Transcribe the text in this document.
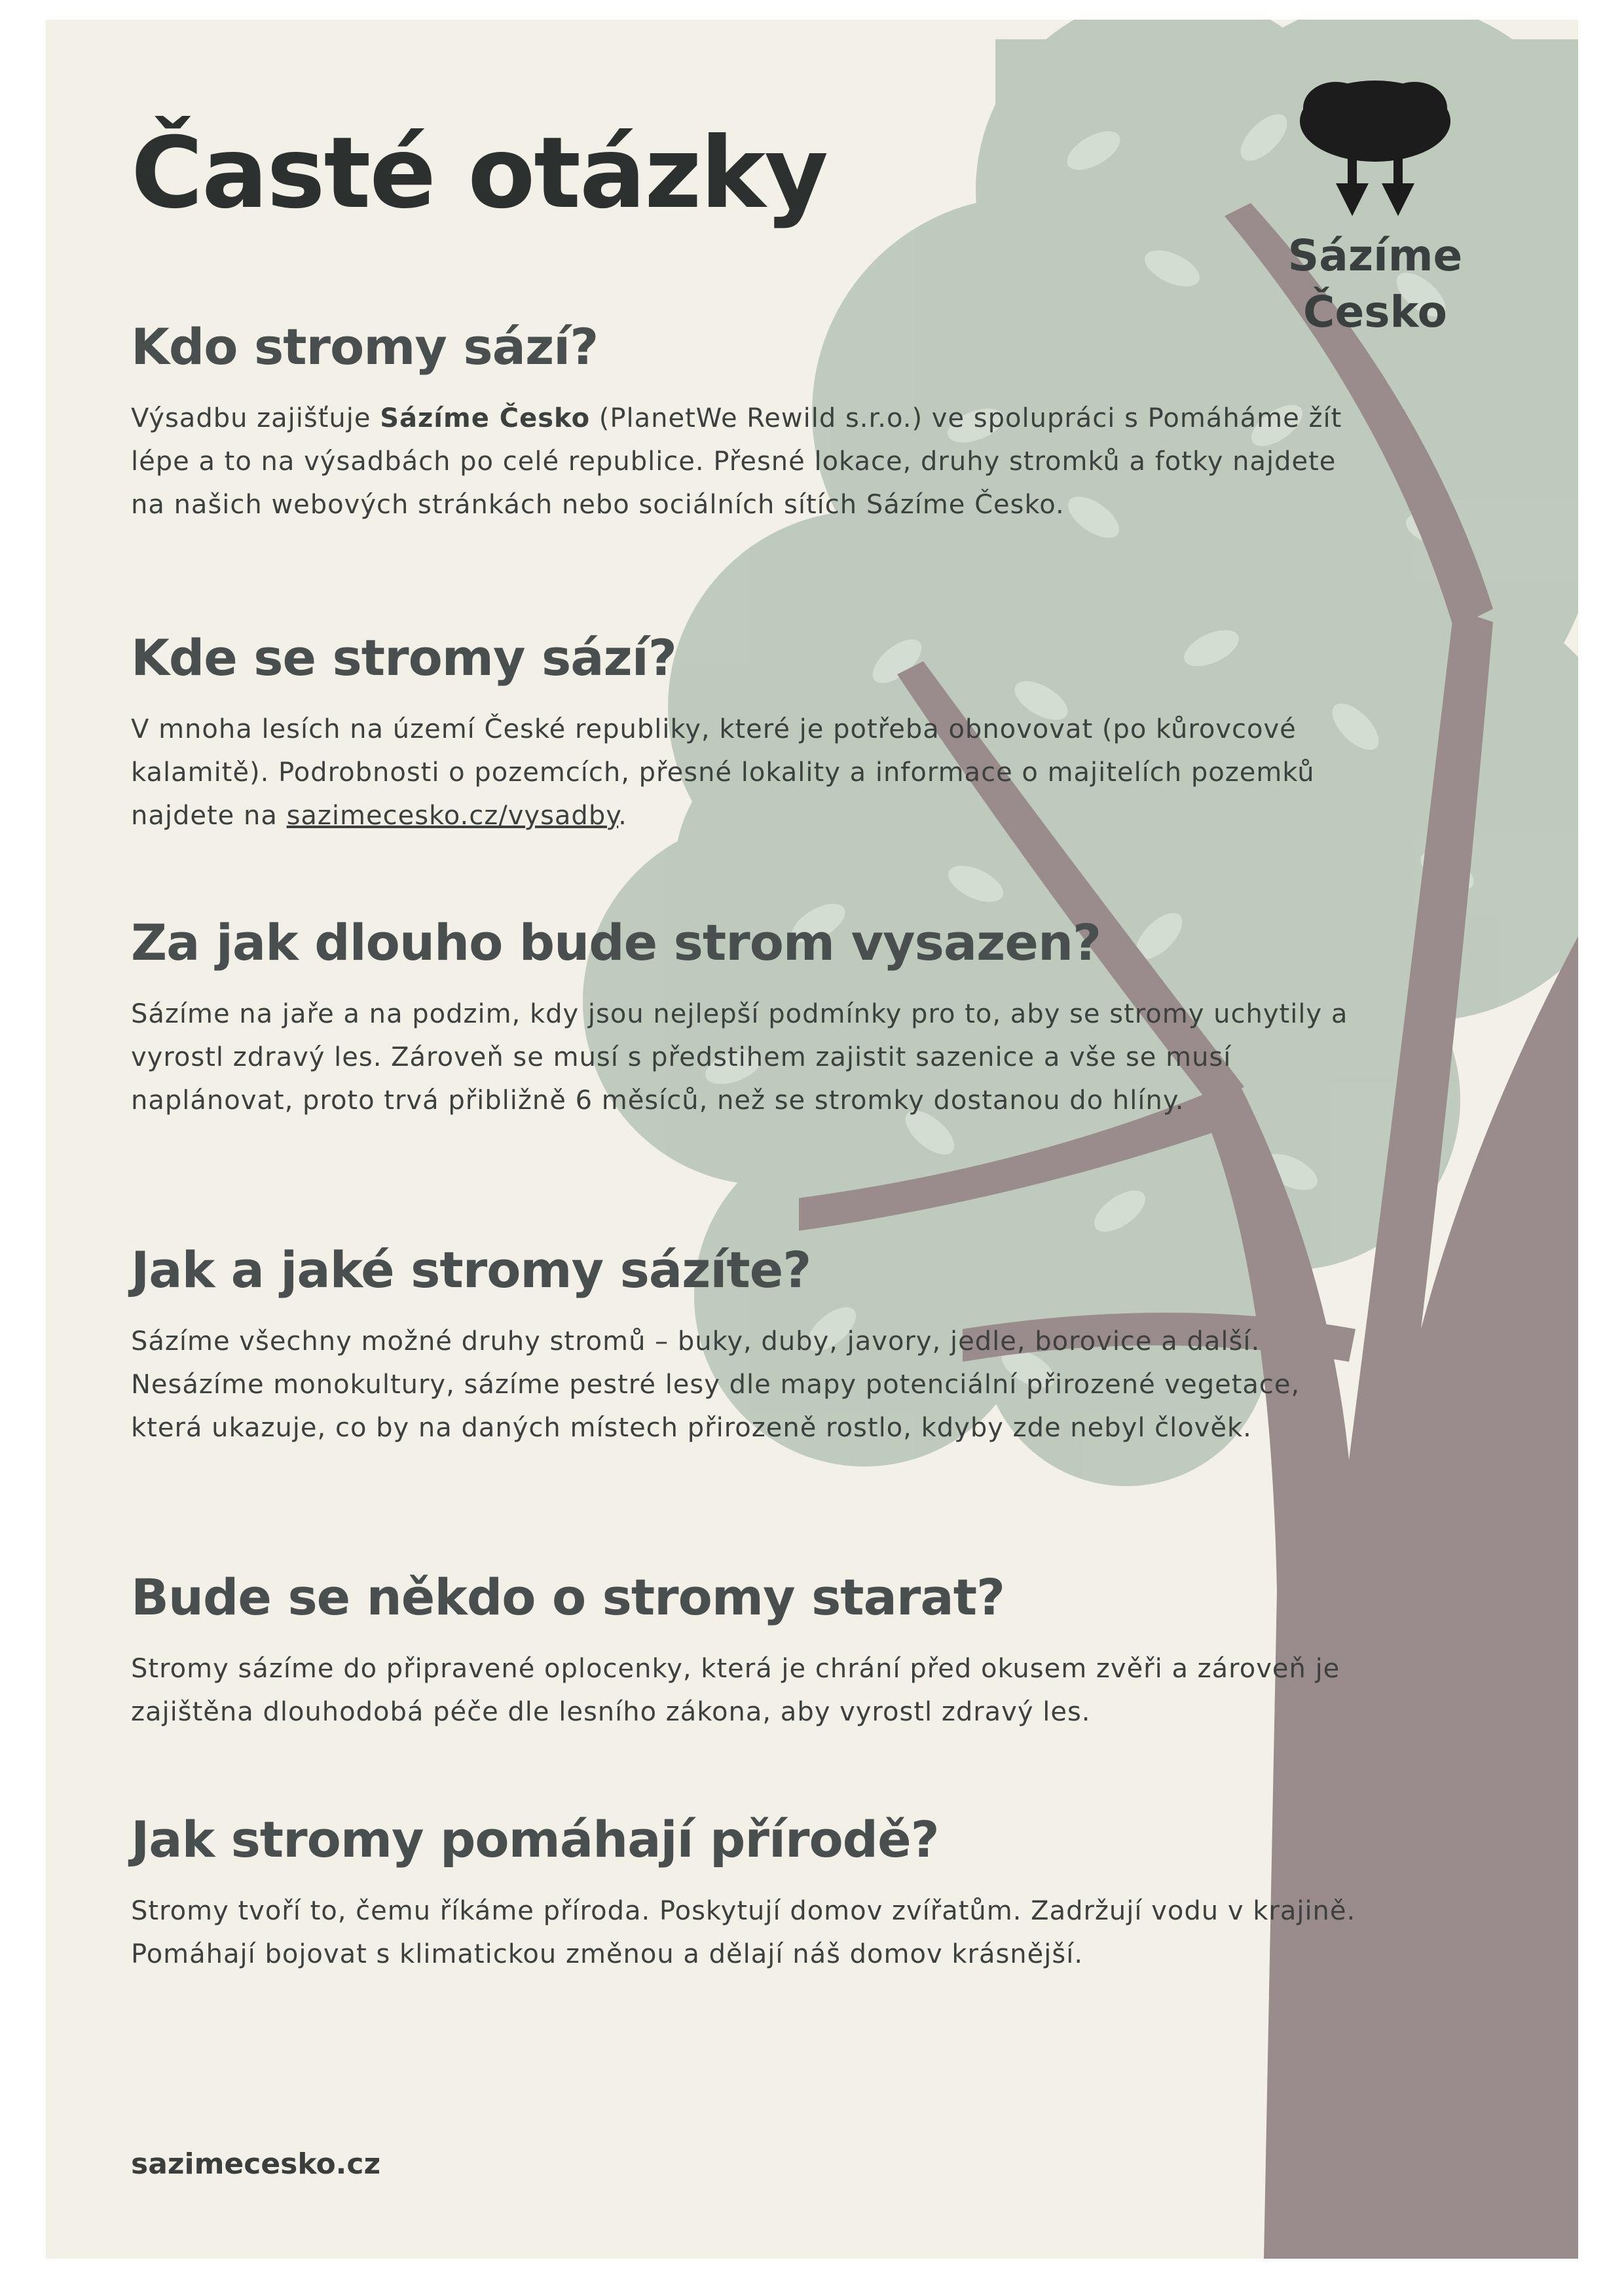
Sázíme
Česko
Časté otázky
Kdo stromy sází?

Výsadbu zajišťuje Sázíme Česko (PlanetWe Rewild s.r.o.) ve spolupráci s Pomáháme žít lépe a to na výsadbách po celé republice. Přesné lokace, druhy stromků a fotky najdete na našich webových stránkách nebo sociálních sítích Sázíme Česko.

Kde se stromy sází?

V mnoha lesích na území České republiky, které je potřeba obnovovat (po kůrovcové kalamitě). Podrobnosti o pozemcích, přesné lokality a informace o majitelích pozemků najdete na sazimecesko.cz/vysadby.

Za jak dlouho bude strom vysazen?

Sázíme na jaře a na podzim, kdy jsou nejlepší podmínky pro to, aby se stromy uchytily a vyrostl zdravý les. Zároveň se musí s předstihem zajistit sazenice a vše se musí naplánovat, proto trvá přibližně 6 měsíců, než se stromky dostanou do hlíny.

Jak a jaké stromy sázíte?

Sázíme všechny možné druhy stromů – buky, duby, javory, jedle, borovice a další. Nesázíme monokultury, sázíme pestré lesy dle mapy potenciální přirozené vegetace, která ukazuje, co by na daných místech přirozeně rostlo, kdyby zde nebyl člověk.

Bude se někdo o stromy starat?

Stromy sázíme do připravené oplocenky, která je chrání před okusem zvěři a zároveň je zajištěna dlouhodobá péče dle lesního zákona, aby vyrostl zdravý les.

Jak stromy pomáhají přírodě?

Stromy tvoří to, čemu říkáme příroda. Poskytují domov zvířatům. Zadržují vodu v krajině. Pomáhají bojovat s klimatickou změnou a dělají náš domov krásnější.

sazimecesko.cz
